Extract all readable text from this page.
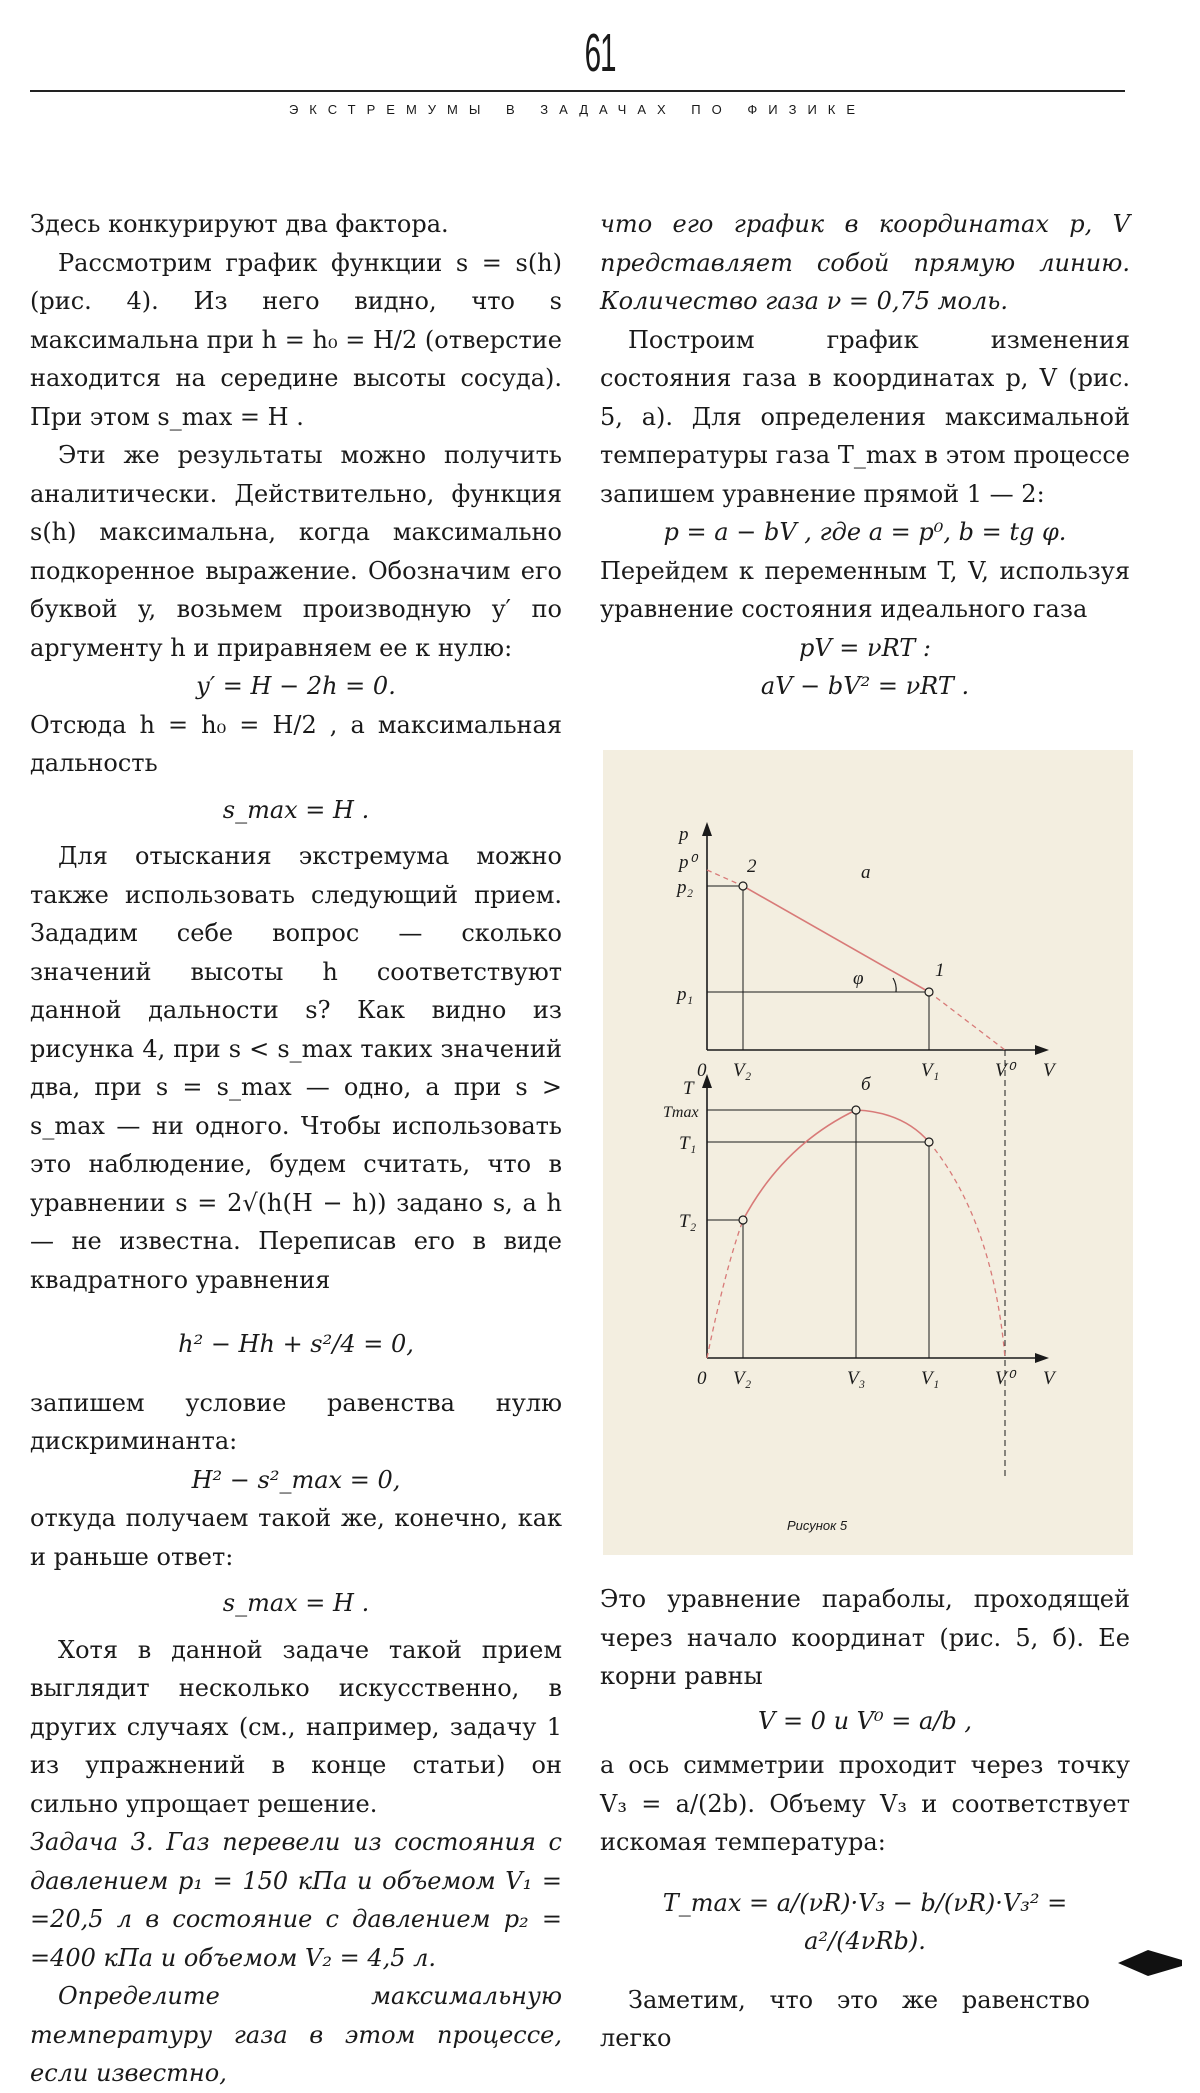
61
ЭКСТРЕМУМЫ В ЗАДАЧАХ ПО ФИЗИКЕ

Здесь конкурируют два фактора.

Рассмотрим график функции s = s(h) (рис. 4). Из него видно, что s максимальна при h = h₀ = H/2 (отверстие находится на середине высоты сосуда). При этом s_max = H .

Эти же результаты можно получить аналитически. Действительно, функция s(h) максимальна, когда максимально подкоренное выражение. Обозначим его буквой y, возьмем производную y′ по аргументу h и приравняем ее к нулю:

y′ = H − 2h = 0.

Отсюда h = h₀ = H/2 , а максимальная дальность

s_max = H .

Для отыскания экстремума можно также использовать следующий прием. Зададим себе вопрос — сколько значений высоты h соответствуют данной дальности s? Как видно из рисунка 4, при s < s_max таких значений два, при s = s_max — одно, а при s > s_max — ни одного. Чтобы использовать это наблюдение, будем считать, что в уравнении s = 2√(h(H − h)) задано s, а h — не известна. Переписав его в виде квадратного уравнения

h² − Hh + s²/4 = 0,

запишем условие равенства нулю дискриминанта:

H² − s²_max = 0,

откуда получаем такой же, конечно, как и раньше ответ:

s_max = H .

Хотя в данной задаче такой прием выглядит несколько искусственно, в других случаях (см., например, задачу 1 из упражнений в конце статьи) он сильно упрощает решение.

Задача 3. Газ перевели из состояния с давлением p₁ = 150 кПа и объемом V₁ = =20,5 л в состояние с давлением p₂ = =400 кПа и объемом V₂ = 4,5 л.

Определите максимальную температуру газа в этом процессе, если известно,

что его график в координатах p, V представляет собой прямую линию. Количество газа ν = 0,75 моль.

Построим график изменения состояния газа в координатах p, V (рис. 5, а). Для определения максимальной температуры газа T_max в этом процессе запишем уравнение прямой 1 — 2:

p = a − bV , где a = p⁰, b = tg φ.

Перейдем к переменным T, V, используя уравнение состояния идеального газа

pV = νRT :

aV − bV² = νRT .

p
p⁰
p₂
p₁
2
1
φ
а
0 V₂	V₁	V⁰ V
T
Tmax
T₁
T₂
б
0 V₂	V₃	V₁	V⁰ V
Рисунок 5

Это уравнение параболы, проходящей через начало координат (рис. 5, б). Ее корни равны

V = 0 и V⁰ = a/b ,

а ось симметрии проходит через точку V₃ = a/(2b). Объему V₃ и соответствует искомая температура:

T_max = a/(νR)·V₃ − b/(νR)·V₃² = a²/(4νRb).

Заметим, что это же равенство легко
